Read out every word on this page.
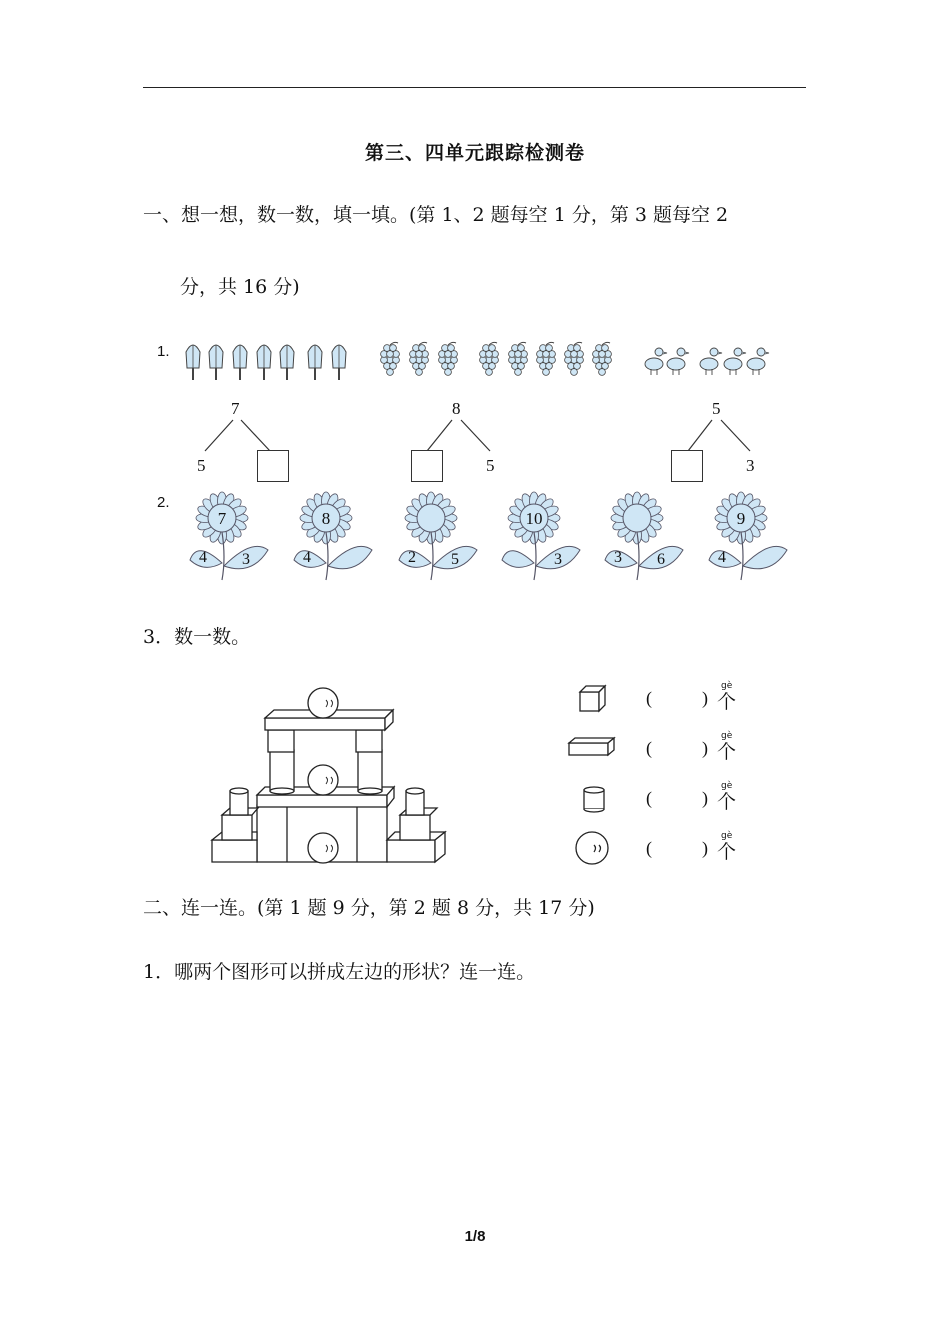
第三、四单元跟踪检测卷
一、想一想，数一数，填一填。(第 1、2 题每空 1 分，第 3 题每空 2
分，共 16 分)
1.
7
5
8
5
5
3
2.
7
4 3
8
4	2 5
10
3	3 6
9
4
3．数一数。
(	)
gè
个
(	)
gè
个
(	)
gè
个
(	)
gè
个
二、连一连。(第 1 题 9 分，第 2 题 8 分，共 17 分)
1．哪两个图形可以拼成左边的形状？连一连。
1/8
